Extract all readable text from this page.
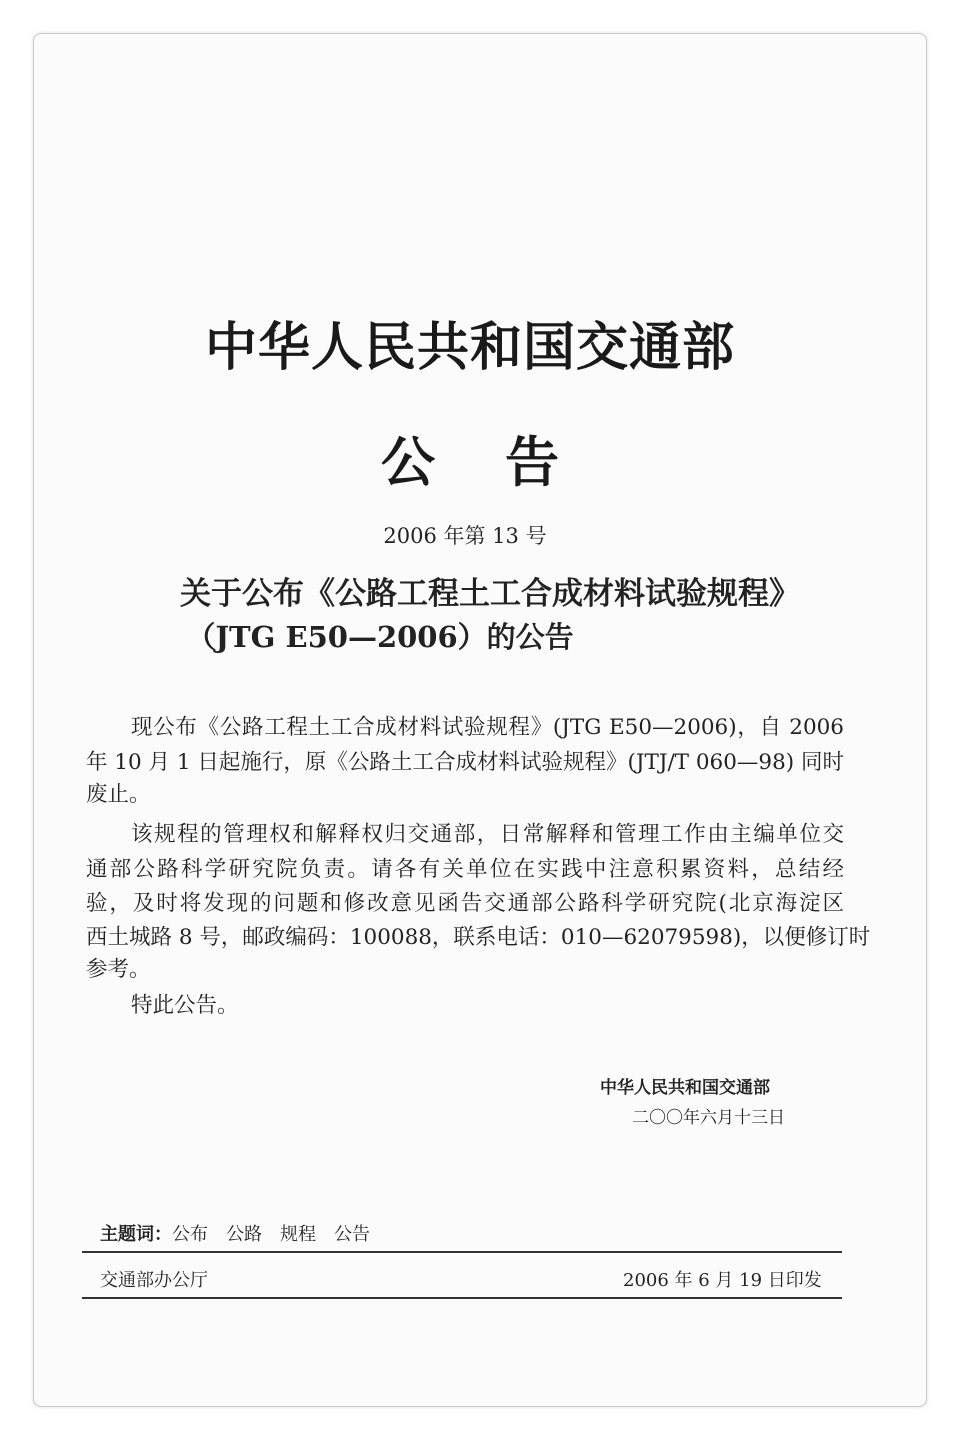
中华人民共和国交通部
公告
2006 年第 13 号
关于公布《公路工程土工合成材料试验规程》
（JTG E50—2006）的公告
现公布《公路工程土工合成材料试验规程》(JTG E50—2006)，自 2006
年 10 月 1 日起施行，原《公路土工合成材料试验规程》(JTJ/T 060—98) 同时
废止。
该规程的管理权和解释权归交通部，日常解释和管理工作由主编单位交
通部公路科学研究院负责。请各有关单位在实践中注意积累资料，总结经
验，及时将发现的问题和修改意见函告交通部公路科学研究院(北京海淀区
西土城路 8 号，邮政编码：100088，联系电话：010—62079598)，以便修订时
参考。
特此公告。
中华人民共和国交通部
二〇〇年六月十三日
主题词：公布　公路　规程　公告
交通部办公厅	2006 年 6 月 19 日印发
